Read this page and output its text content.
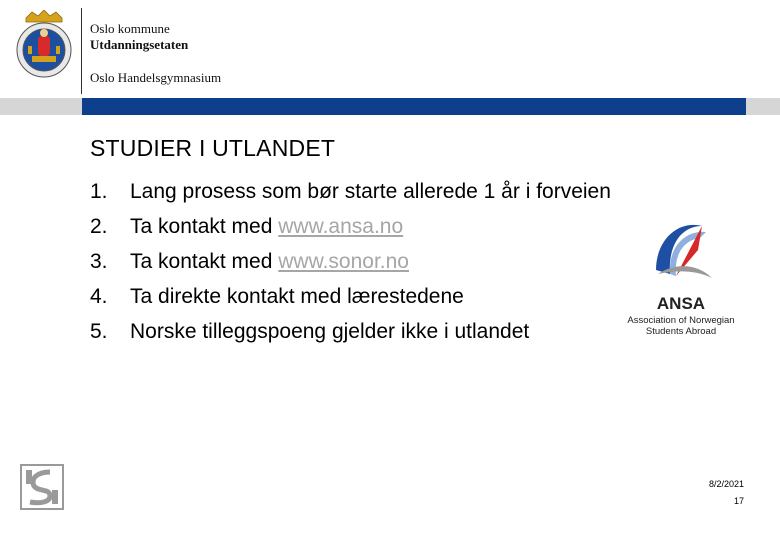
Oslo kommune
Utdanningsetaten
Oslo Handelsgymnasium
STUDIER I UTLANDET
1. Lang prosess som bør starte allerede 1 år i forveien
2. Ta kontakt med www.ansa.no
3. Ta kontakt med www.sonor.no
4. Ta direkte kontakt med lærestedene
5. Norske tilleggspoeng gjelder ikke i utlandet
ANSA
Association of Norwegian
Students Abroad
8/2/2021
17
